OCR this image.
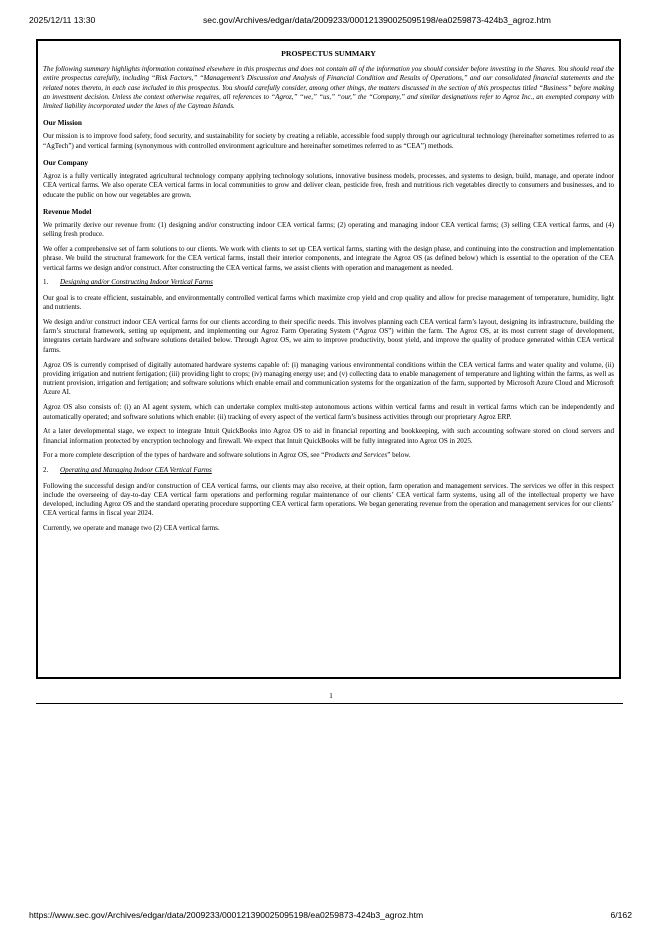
2025/12/11 13:30	sec.gov/Archives/edgar/data/2009233/000121390025095198/ea0259873-424b3_agroz.htm
PROSPECTUS SUMMARY

The following summary highlights information contained elsewhere in this prospectus and does not contain all of the information you should consider before investing in the Shares. You should read the entire prospectus carefully, including “Risk Factors,” “Management’s Discussion and Analysis of Financial Condition and Results of Operations,” and our consolidated financial statements and the related notes thereto, in each case included in this prospectus. You should carefully consider, among other things, the matters discussed in the section of this prospectus titled “Business” before making an investment decision. Unless the context otherwise requires, all references to “Agroz,” “we,” “us,” “our,” the “Company,” and similar designations refer to Agroz Inc., an exempted company with limited liability incorporated under the laws of the Cayman Islands.

Our Mission

Our mission is to improve food safety, food security, and sustainability for society by creating a reliable, accessible food supply through our agricultural technology (hereinafter sometimes referred to as “AgTech”) and vertical farming (synonymous with controlled environment agriculture and hereinafter sometimes referred to as “CEA”) methods.

Our Company

Agroz is a fully vertically integrated agricultural technology company applying technology solutions, innovative business models, processes, and systems to design, build, manage, and operate indoor CEA vertical farms. We also operate CEA vertical farms in local communities to grow and deliver clean, pesticide free, fresh and nutritious rich vegetables directly to consumers and businesses, and to educate the public on how our vegetables are grown.

Revenue Model

We primarily derive our revenue from: (1) designing and/or constructing indoor CEA vertical farms; (2) operating and managing indoor CEA vertical farms; (3) selling CEA vertical farms, and (4) selling fresh produce.

We offer a comprehensive set of farm solutions to our clients. We work with clients to set up CEA vertical farms, starting with the design phase, and continuing into the construction and implementation phrase. We build the structural framework for the CEA vertical farms, install their interior components, and integrate the Agroz OS (as defined below) which is essential to the operation of the CEA vertical farms we design and/or construct. After constructing the CEA vertical farms, we assist clients with operation and management as needed.

1. Designing and/or Constructing Indoor Vertical Farms

Our goal is to create efficient, sustainable, and environmentally controlled vertical farms which maximize crop yield and crop quality and allow for precise management of temperature, humidity, light and nutrients.

We design and/or construct indoor CEA vertical farms for our clients according to their specific needs. This involves planning each CEA vertical farm’s layout, designing its infrastructure, building the farm’s structural framework, setting up equipment, and implementing our Agroz Farm Operating System (“Agroz OS”) within the farm. The Agroz OS, at its most current stage of development, integrates certain hardware and software solutions detailed below. Through Agroz OS, we aim to improve productivity, boost yield, and improve the quality of produce generated within CEA vertical farms.

Agroz OS is currently comprised of digitally automated hardware systems capable of: (i) managing various environmental conditions within the CEA vertical farms and water quality and volume, (ii) providing irrigation and nutrient fertigation; (iii) providing light to crops; (iv) managing energy use; and (v) collecting data to enable management of temperature and lighting within the farms, as well as nutrient provision, irrigation and fertigation; and software solutions which enable email and communication systems for the organization of the farm, supported by Microsoft Azure Cloud and Microsoft Azure AI.

Agroz OS also consists of: (i) an AI agent system, which can undertake complex multi-step autonomous actions within vertical farms and result in vertical farms which can be independently and automatically operated; and software solutions which enable: (ii) tracking of every aspect of the vertical farm’s business activities through our proprietary Agroz ERP.

At a later developmental stage, we expect to integrate Intuit QuickBooks into Agroz OS to aid in financial reporting and bookkeeping, with such accounting software stored on cloud servers and financial information protected by encryption technology and firewall. We expect that Intuit QuickBooks will be fully integrated into Agroz OS in 2025.

For a more complete description of the types of hardware and software solutions in Agroz OS, see “Products and Services” below.

2. Operating and Managing Indoor CEA Vertical Farms

Following the successful design and/or construction of CEA vertical farms, our clients may also receive, at their option, farm operation and management services. The services we offer in this respect include the overseeing of day-to-day CEA vertical farm operations and performing regular maintenance of our clients’ CEA vertical farm systems, using all of the intellectual property we have developed, including Agroz OS and the standard operating procedure supporting CEA vertical farm operations. We began generating revenue from the operation and management services for our clients’ CEA vertical farms in fiscal year 2024.

Currently, we operate and manage two (2) CEA vertical farms.

1
https://www.sec.gov/Archives/edgar/data/2009233/000121390025095198/ea0259873-424b3_agroz.htm	6/162
